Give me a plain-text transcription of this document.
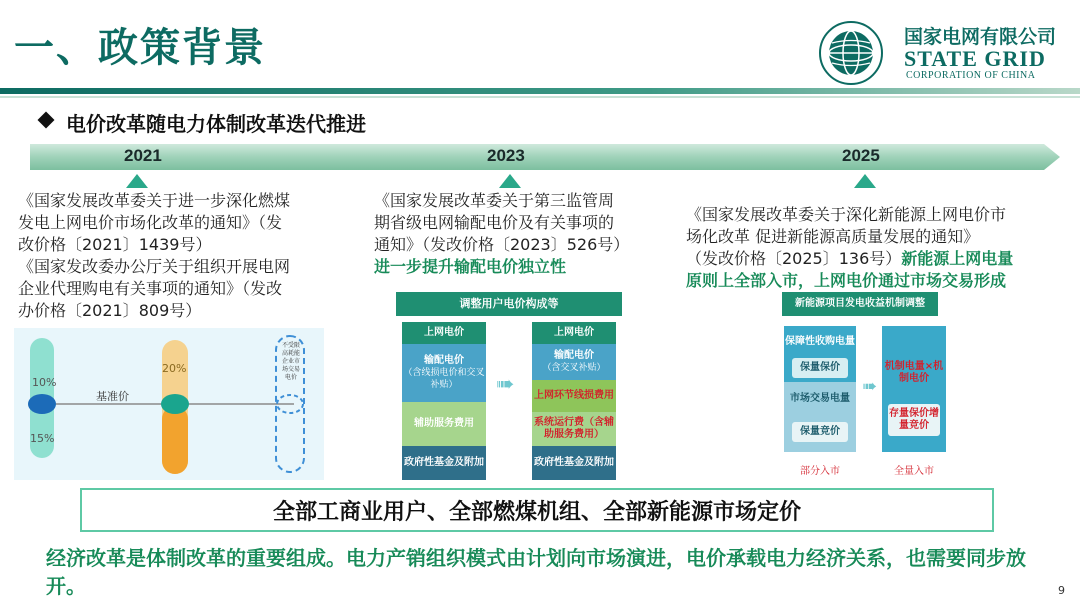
一、政策背景	国家电网有限公司
STATE GRID
CORPORATION OF CHINA
电价改革随电力体制改革迭代推进
2021	2023	2025
《国家发展改革委关于进一步深化燃煤
发电上网电价市场化改革的通知》（发
改价格〔2021〕1439号）
《国家发改委办公厅关于组织开展电网
企业代理购电有关事项的通知》（发改
办价格〔2021〕809号）
《国家发展改革委关于第三监管周
期省级电网输配电价及有关事项的
通知》（发改价格〔2023〕526号）
进一步提升输配电价独立性
《国家发展改革委关于深化新能源上网电价市
场化改革 促进新能源高质量发展的通知》
（发改价格〔2025〕136号）新能源上网电量
原则上全部入市，上网电价通过市场交易形成
10%
15%
20%
基准价
不受限高耗能企业市场交易电价
调整用户电价构成等
上网电价
输配电价
（含线损电价和交叉补贴）
辅助服务费用
政府性基金及附加
➠
上网电价
输配电价
（含交叉补贴）
上网环节线损费用
系统运行费（含辅助服务费用）
政府性基金及附加
新能源项目发电收益机制调整
保障性收购电量
保量保价
市场交易电量
保量竞价
➠
机制电量×机制电价
存量保价增量竞价
部分入市	全量入市
全部工商业用户、全部燃煤机组、全部新能源市场定价
经济改革是体制改革的重要组成。电力产销组织模式由计划向市场演进，电价承载电力经济关系，也需要同步放开。	9
